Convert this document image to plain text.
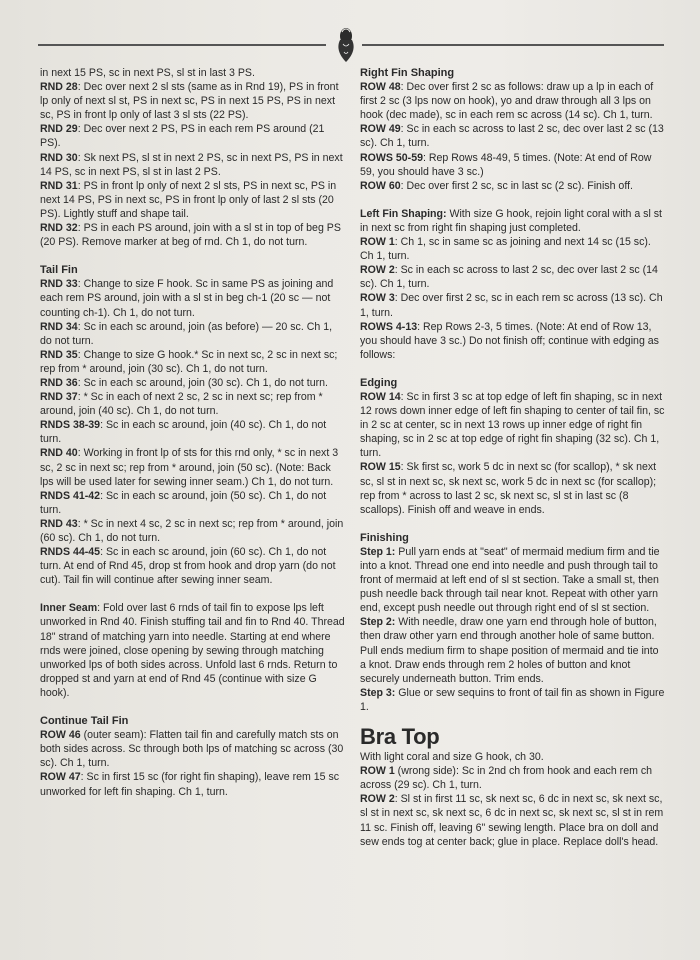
in next 15 PS, sc in next PS, sl st in last 3 PS.

RND 28: Dec over next 2 sl sts (same as in Rnd 19), PS in front lp only of next sl st, PS in next sc, PS in next 15 PS, PS in next sc, PS in front lp only of last 3 sl sts (22 PS).

RND 29: Dec over next 2 PS, PS in each rem PS around (21 PS).

RND 30: Sk next PS, sl st in next 2 PS, sc in next PS, PS in next 14 PS, sc in next PS, sl st in last 2 PS.

RND 31: PS in front lp only of next 2 sl sts, PS in next sc, PS in next 14 PS, PS in next sc, PS in front lp only of last 2 sl sts (20 PS). Lightly stuff and shape tail.

RND 32: PS in each PS around, join with a sl st in top of beg PS (20 PS). Remove marker at beg of rnd. Ch 1, do not turn.

Tail Fin

RND 33: Change to size F hook. Sc in same PS as joining and each rem PS around, join with a sl st in beg ch-1 (20 sc — not counting ch-1). Ch 1, do not turn.

RND 34: Sc in each sc around, join (as before) — 20 sc. Ch 1, do not turn.

RND 35: Change to size G hook.* Sc in next sc, 2 sc in next sc; rep from * around, join (30 sc). Ch 1, do not turn.

RND 36: Sc in each sc around, join (30 sc). Ch 1, do not turn.

RND 37: * Sc in each of next 2 sc, 2 sc in next sc; rep from * around, join (40 sc). Ch 1, do not turn.

RNDS 38-39: Sc in each sc around, join (40 sc). Ch 1, do not turn.

RND 40: Working in front lp of sts for this rnd only, * sc in next 3 sc, 2 sc in next sc; rep from * around, join (50 sc). (Note: Back lps will be used later for sewing inner seam.) Ch 1, do not turn.

RNDS 41-42: Sc in each sc around, join (50 sc). Ch 1, do not turn.

RND 43: * Sc in next 4 sc, 2 sc in next sc; rep from * around, join (60 sc). Ch 1, do not turn.

RNDS 44-45: Sc in each sc around, join (60 sc). Ch 1, do not turn. At end of Rnd 45, drop st from hook and drop yarn (do not cut). Tail fin will continue after sewing inner seam.

Inner Seam: Fold over last 6 rnds of tail fin to expose lps left unworked in Rnd 40. Finish stuffing tail and fin to Rnd 40. Thread 18" strand of matching yarn into needle. Starting at end where rnds were joined, close opening by sewing through matching unworked lps of both sides across. Unfold last 6 rnds. Return to dropped st and yarn at end of Rnd 45 (continue with size G hook).

Continue Tail Fin

ROW 46 (outer seam): Flatten tail fin and carefully match sts on both sides across. Sc through both lps of matching sc across (30 sc). Ch 1, turn.

ROW 47: Sc in first 15 sc (for right fin shaping), leave rem 15 sc unworked for left fin shaping. Ch 1, turn.

Right Fin Shaping

ROW 48: Dec over first 2 sc as follows: draw up a lp in each of first 2 sc (3 lps now on hook), yo and draw through all 3 lps on hook (dec made), sc in each rem sc across (14 sc). Ch 1, turn.

ROW 49: Sc in each sc across to last 2 sc, dec over last 2 sc (13 sc). Ch 1, turn.

ROWS 50-59: Rep Rows 48-49, 5 times. (Note: At end of Row 59, you should have 3 sc.)

ROW 60: Dec over first 2 sc, sc in last sc (2 sc). Finish off.

Left Fin Shaping: With size G hook, rejoin light coral with a sl st in next sc from right fin shaping just completed.

ROW 1: Ch 1, sc in same sc as joining and next 14 sc (15 sc). Ch 1, turn.

ROW 2: Sc in each sc across to last 2 sc, dec over last 2 sc (14 sc). Ch 1, turn.

ROW 3: Dec over first 2 sc, sc in each rem sc across (13 sc). Ch 1, turn.

ROWS 4-13: Rep Rows 2-3, 5 times. (Note: At end of Row 13, you should have 3 sc.) Do not finish off; continue with edging as follows:

Edging

ROW 14: Sc in first 3 sc at top edge of left fin shaping, sc in next 12 rows down inner edge of left fin shaping to center of tail fin, sc in 2 sc at center, sc in next 13 rows up inner edge of right fin shaping, sc in 2 sc at top edge of right fin shaping (32 sc). Ch 1, turn.

ROW 15: Sk first sc, work 5 dc in next sc (for scallop), * sk next sc, sl st in next sc, sk next sc, work 5 dc in next sc (for scallop); rep from * across to last 2 sc, sk next sc, sl st in last sc (8 scallops). Finish off and weave in ends.

Finishing

Step 1: Pull yarn ends at "seat" of mermaid medium firm and tie into a knot. Thread one end into needle and push through tail to front of mermaid at left end of sl st section. Take a small st, then push needle back through tail near knot. Repeat with other yarn end, except push needle out through right end of sl st section.

Step 2: With needle, draw one yarn end through hole of button, then draw other yarn end through another hole of same button. Pull ends medium firm to shape position of mermaid and tie into a knot. Draw ends through rem 2 holes of button and knot securely underneath button. Trim ends.

Step 3: Glue or sew sequins to front of tail fin as shown in Figure 1.

Bra Top

With light coral and size G hook, ch 30.

ROW 1 (wrong side): Sc in 2nd ch from hook and each rem ch across (29 sc). Ch 1, turn.

ROW 2: Sl st in first 11 sc, sk next sc, 6 dc in next sc, sk next sc, sl st in next sc, sk next sc, 6 dc in next sc, sk next sc, sl st in rem 11 sc. Finish off, leaving 6" sewing length. Place bra on doll and sew ends tog at center back; glue in place. Replace doll's head.
